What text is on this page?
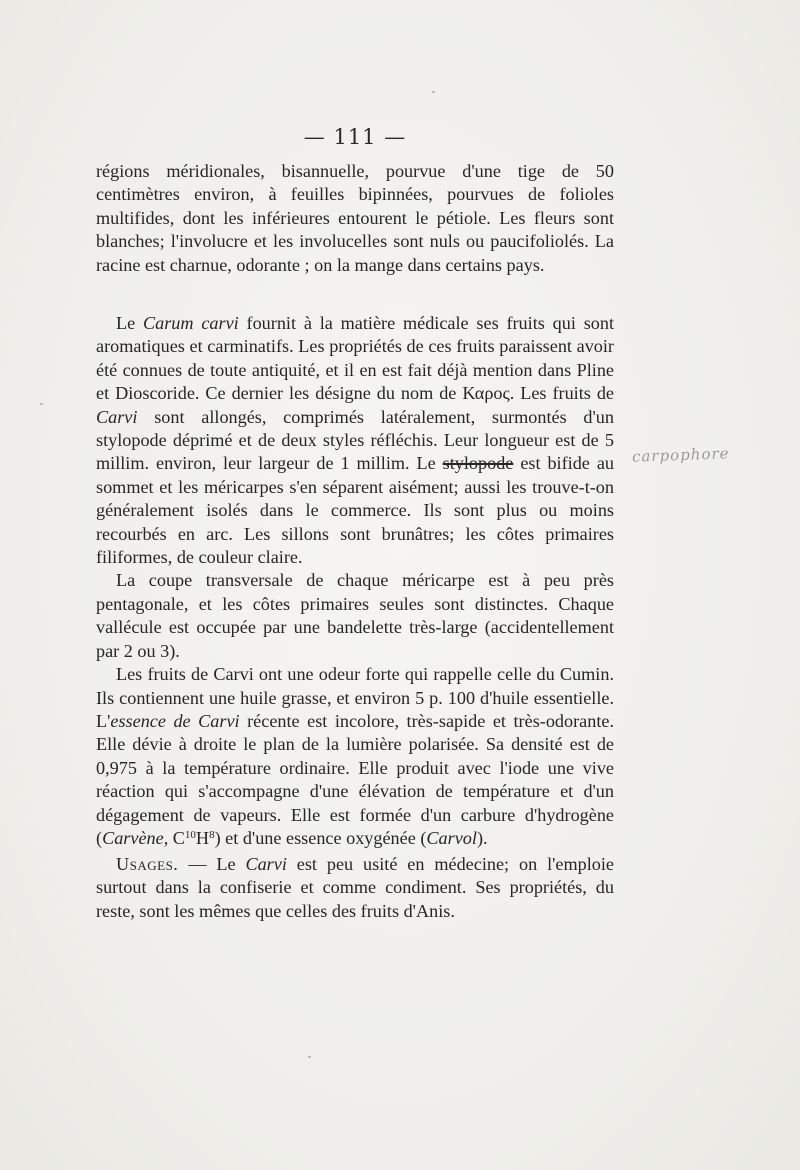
— 111 —

régions méridionales, bisannuelle, pourvue d'une tige de 50 centimètres environ, à feuilles bipinnées, pourvues de folioles multifides, dont les inférieures entourent le pétiole. Les fleurs sont blanches; l'involucre et les involucelles sont nuls ou paucifoliolés. La racine est charnue, odorante ; on la mange dans certains pays.

Le Carum carvi fournit à la matière médicale ses fruits qui sont aromatiques et carminatifs. Les propriétés de ces fruits paraissent avoir été connues de toute antiquité, et il en est fait déjà mention dans Pline et Dioscoride. Ce dernier les désigne du nom de Καρος. Les fruits de Carvi sont allongés, comprimés latéralement, surmontés d'un stylopode déprimé et de deux styles réfléchis. Leur longueur est de 5 millim. environ, leur largeur de 1 millim. Le stylopode est bifide au sommet et les méricarpes s'en séparent aisément; aussi les trouve-t-on généralement isolés dans le commerce. Ils sont plus ou moins recourbés en arc. Les sillons sont brunâtres; les côtes primaires filiformes, de couleur claire.

La coupe transversale de chaque méricarpe est à peu près pentagonale, et les côtes primaires seules sont distinctes. Chaque vallécule est occupée par une bandelette très-large (accidentellement par 2 ou 3).

Les fruits de Carvi ont une odeur forte qui rappelle celle du Cumin. Ils contiennent une huile grasse, et environ 5 p. 100 d'huile essentielle. L'essence de Carvi récente est incolore, très-sapide et très-odorante. Elle dévie à droite le plan de la lumière polarisée. Sa densité est de 0,975 à la température ordinaire. Elle produit avec l'iode une vive réaction qui s'accompagne d'une élévation de température et d'un dégagement de vapeurs. Elle est formée d'un carbure d'hydrogène (Carvène, $C^{10}H^8$) et d'une essence oxygénée (Carvol).

Usages. — Le Carvi est peu usité en médecine; on l'emploie surtout dans la confiserie et comme condiment. Ses propriétés, du reste, sont les mêmes que celles des fruits d'Anis.

carpophore
